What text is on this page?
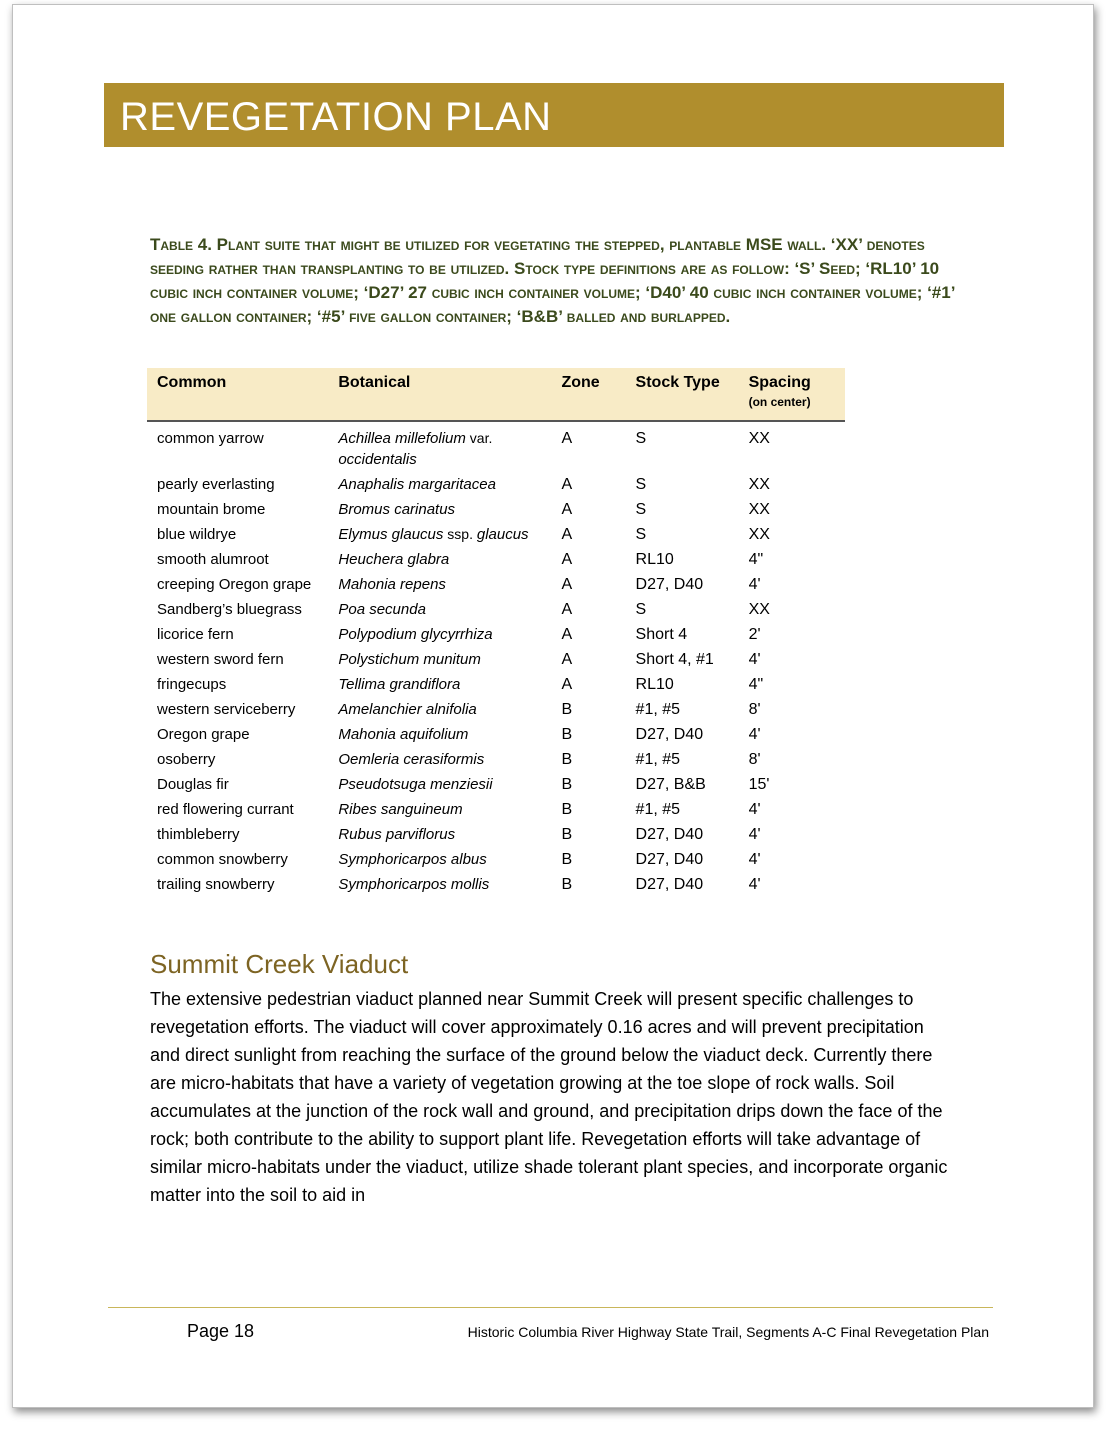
REVEGETATION PLAN
Table 4. Plant suite that might be utilized for vegetating the stepped, plantable MSE wall. ‘XX’ denotes seeding rather than transplanting to be utilized. Stock type definitions are as follow: ‘S’ Seed; ‘RL10’ 10 cubic inch container volume; ‘D27’ 27 cubic inch container volume; ‘D40’ 40 cubic inch container volume; ‘#1’ one gallon container; ‘#5’ five gallon container; ‘B&B’ balled and burlapped.
Common	Botanical	Zone	Stock Type	Spacing
(on center)

common yarrow	Achillea millefolium var. occidentalis	A	S	XX
pearly everlasting	Anaphalis margaritacea	A	S	XX
mountain brome	Bromus carinatus	A	S	XX
blue wildrye	Elymus glaucus ssp. glaucus	A	S	XX
smooth alumroot	Heuchera glabra	A	RL10	4"
creeping Oregon grape	Mahonia repens	A	D27, D40	4'
Sandberg’s bluegrass	Poa secunda	A	S	XX
licorice fern	Polypodium glycyrrhiza	A	Short 4	2'
western sword fern	Polystichum munitum	A	Short 4, #1	4'
fringecups	Tellima grandiflora	A	RL10	4"
western serviceberry	Amelanchier alnifolia	B	#1, #5	8'
Oregon grape	Mahonia aquifolium	B	D27, D40	4'
osoberry	Oemleria cerasiformis	B	#1, #5	8'
Douglas fir	Pseudotsuga menziesii	B	D27, B&B	15'
red flowering currant	Ribes sanguineum	B	#1, #5	4'
thimbleberry	Rubus parviflorus	B	D27, D40	4'
common snowberry	Symphoricarpos albus	B	D27, D40	4'
trailing snowberry	Symphoricarpos mollis	B	D27, D40	4'
Summit Creek Viaduct
The extensive pedestrian viaduct planned near Summit Creek will present specific challenges to revegetation efforts. The viaduct will cover approximately 0.16 acres and will prevent precipitation and direct sunlight from reaching the surface of the ground below the viaduct deck. Currently there are micro-habitats that have a variety of vegetation growing at the toe slope of rock walls. Soil accumulates at the junction of the rock wall and ground, and precipitation drips down the face of the rock; both contribute to the ability to support plant life. Revegetation efforts will take advantage of similar micro-habitats under the viaduct, utilize shade tolerant plant species, and incorporate organic matter into the soil to aid in
Page 18	Historic Columbia River Highway State Trail, Segments A-C Final Revegetation Plan
